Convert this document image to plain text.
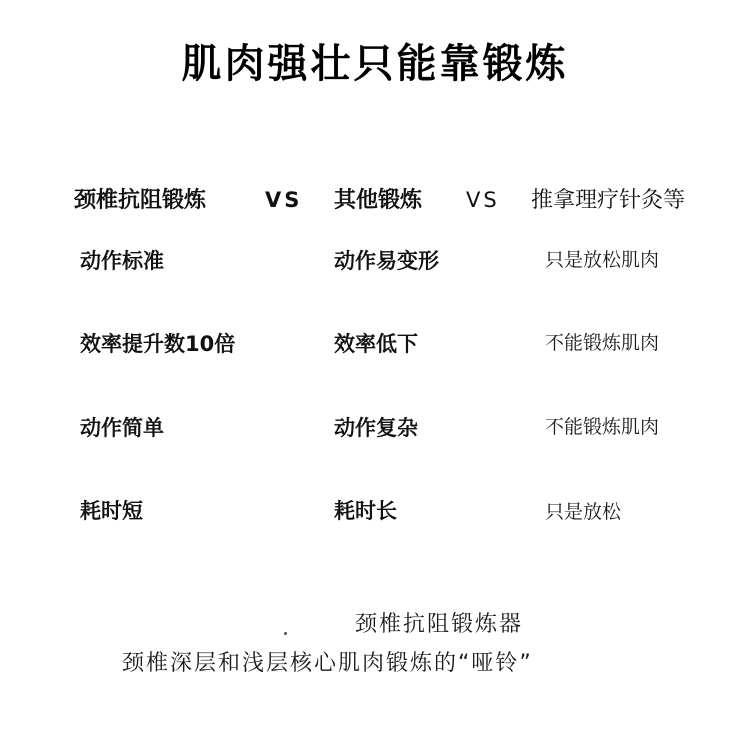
肌肉强壮只能靠锻炼
颈椎抗阻锻炼	VS 其他锻炼 VS 推拿理疗针灸等
动作标准	动作易变形	只是放松肌肉
效率提升数10倍	效率低下	不能锻炼肌肉
动作简单	动作复杂	不能锻炼肌肉
耗时短	耗时长	只是放松
颈椎抗阻锻炼器
颈椎深层和浅层核心肌肉锻炼的“哑铃”
